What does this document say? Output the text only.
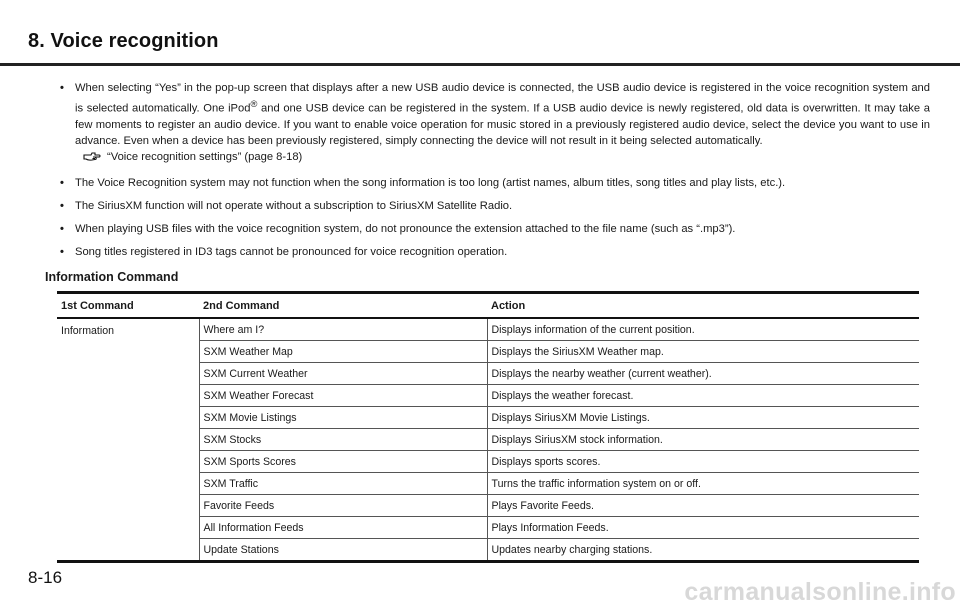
8. Voice recognition
• When selecting “Yes” in the pop-up screen that displays after a new USB audio device is connected, the USB audio device is registered in the voice recognition system and is selected automatically. One iPod® and one USB device can be registered in the system. If a USB audio device is newly registered, old data is overwritten. It may take a few moments to register an audio device. If you want to enable voice operation for music stored in a previously registered audio device, select the device you want to use in advance. Even when a device has been previously registered, simply connecting the device will not result in it being selected automatically.
“Voice recognition settings” (page 8-18)
• The Voice Recognition system may not function when the song information is too long (artist names, album titles, song titles and play lists, etc.).
• The SiriusXM function will not operate without a subscription to SiriusXM Satellite Radio.
• When playing USB files with the voice recognition system, do not pronounce the extension attached to the file name (such as “.mp3”).
• Song titles registered in ID3 tags cannot be pronounced for voice recognition operation.
Information Command
1st Command	2nd Command	Action
Information	Where am I?	Displays information of the current position.
	SXM Weather Map	Displays the SiriusXM Weather map.
	SXM Current Weather	Displays the nearby weather (current weather).
	SXM Weather Forecast	Displays the weather forecast.
	SXM Movie Listings	Displays SiriusXM Movie Listings.
	SXM Stocks	Displays SiriusXM stock information.
	SXM Sports Scores	Displays sports scores.
	SXM Traffic	Turns the traffic information system on or off.
	Favorite Feeds	Plays Favorite Feeds.
	All Information Feeds	Plays Information Feeds.
	Update Stations	Updates nearby charging stations.
8-16
carmanualsonline.info
